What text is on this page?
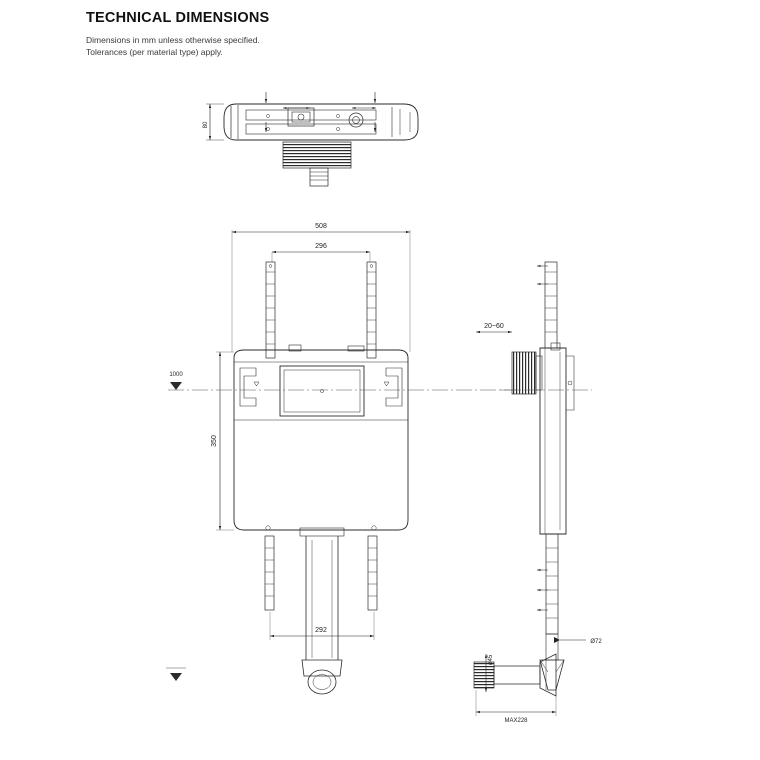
TECHNICAL DIMENSIONS
Dimensions in mm unless otherwise specified.
Tolerances (per material type) apply.
80
508
296
350
292
20~60
Ø72
ø45
MAX228
1000
